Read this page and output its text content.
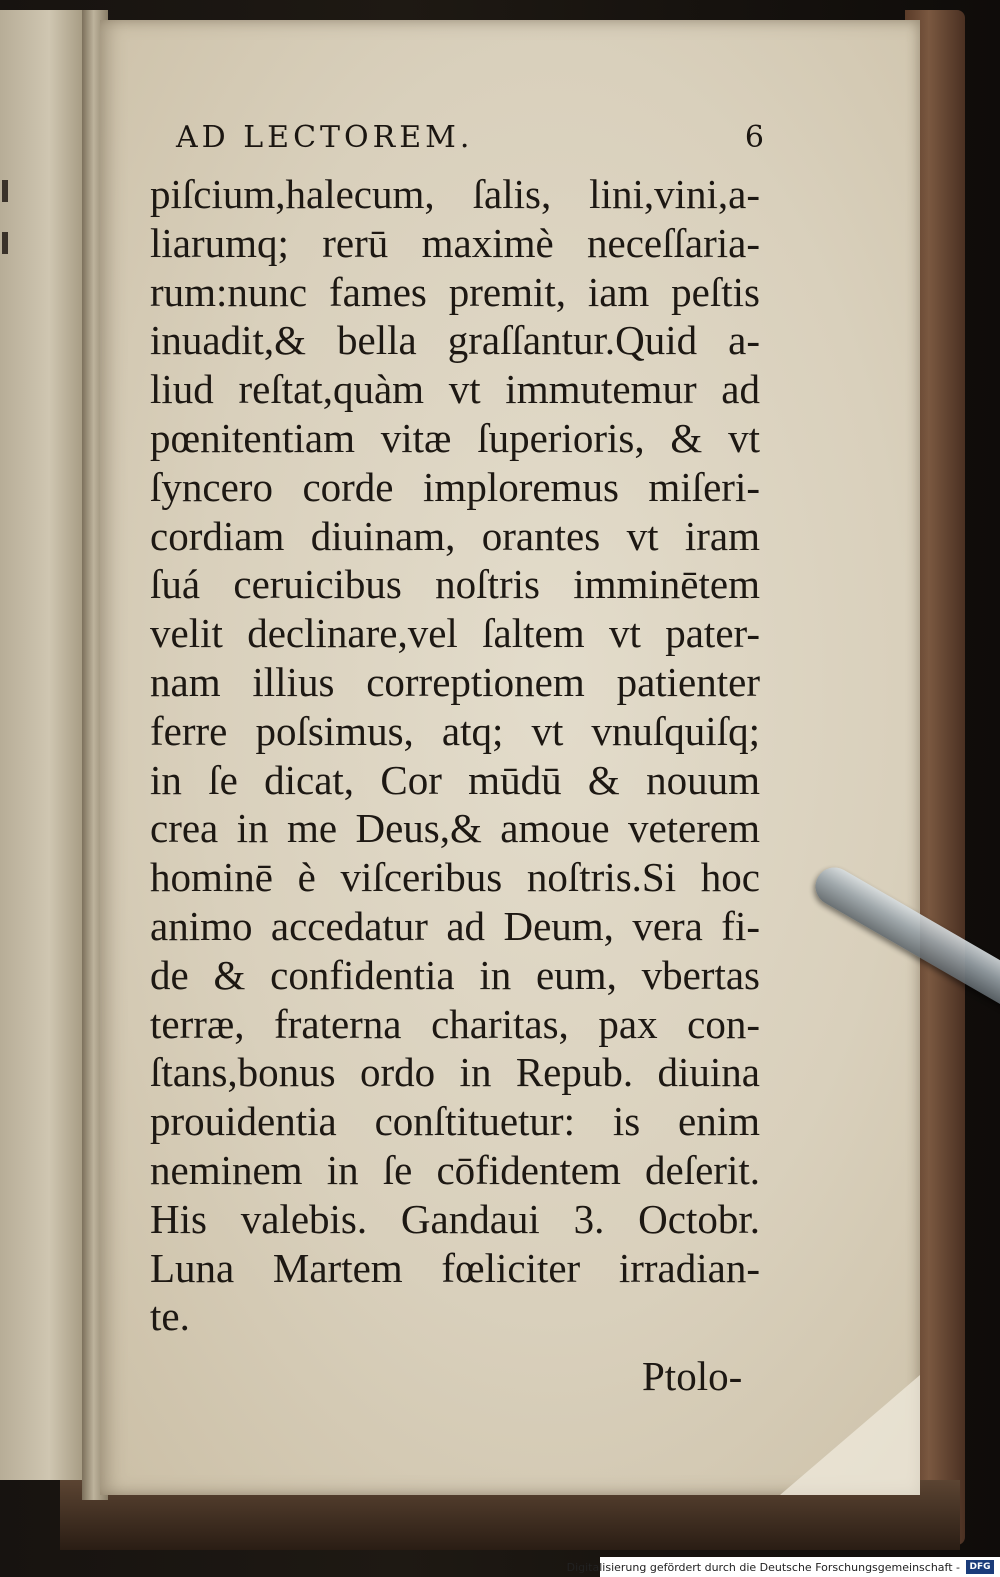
AD LECTOREM.	6
piſcium,halecum, ſalis, lini,vini,a-
liarumq; rerū maximè neceſſaria-
rum:nunc fames premit, iam peſtis
inuadit,& bella graſſantur.Quid a-
liud reſtat,quàm vt immutemur ad
pœnitentiam vitæ ſuperioris, & vt
ſyncero corde imploremus miſeri-
cordiam diuinam, orantes vt iram
ſuá ceruicibus noſtris imminētem
velit declinare,vel ſaltem vt pater-
nam illius correptionem patienter
ferre poſsimus, atq; vt vnuſquiſq;
in ſe dicat, Cor mūdū & nouum
crea in me Deus,& amoue veterem
hominē è viſceribus noſtris.Si hoc
animo accedatur ad Deum, vera fi-
de & confidentia in eum, vbertas
terræ, fraterna charitas, pax con-
ſtans,bonus ordo in Repub. diuina
prouidentia conſtituetur: is enim
neminem in ſe cōfidentem deſerit.
His valebis. Gandaui 3. Octobr.
Luna Martem fœliciter irradian-
te.
Ptolo-
Digitalisierung gefördert durch die Deutsche Forschungsgemeinschaft -	DFG
